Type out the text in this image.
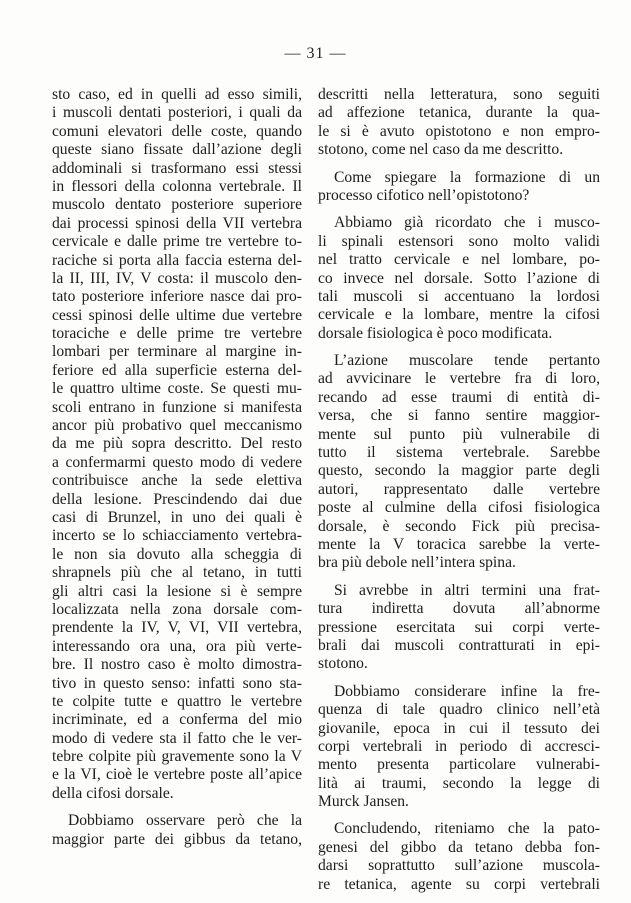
— 31 —
sto caso, ed in quelli ad esso simili,
i muscoli dentati posteriori, i quali da
comuni elevatori delle coste, quando
queste siano fissate dall’azione degli
addominali si trasformano essi stessi
in flessori della colonna vertebrale. Il
muscolo dentato posteriore superiore
dai processi spinosi della VII vertebra
cervicale e dalle prime tre vertebre to-
raciche si porta alla faccia esterna del-
la II, III, IV, V costa: il muscolo den-
tato posteriore inferiore nasce dai pro-
cessi spinosi delle ultime due vertebre
toraciche e delle prime tre vertebre
lombari per terminare al margine in-
feriore ed alla superficie esterna del-
le quattro ultime coste. Se questi mu-
scoli entrano in funzione si manifesta
ancor più probativo quel meccanismo
da me più sopra descritto. Del resto
a confermarmi questo modo di vedere
contribuisce anche la sede elettiva
della lesione. Prescindendo dai due
casi di Brunzel, in uno dei quali è
incerto se lo schiacciamento vertebra-
le non sia dovuto alla scheggia di
shrapnels più che al tetano, in tutti
gli altri casi la lesione si è sempre
localizzata nella zona dorsale com-
prendente la IV, V, VI, VII vertebra,
interessando ora una, ora più verte-
bre. Il nostro caso è molto dimostra-
tivo in questo senso: infatti sono sta-
te colpite tutte e quattro le vertebre
incriminate, ed a conferma del mio
modo di vedere sta il fatto che le ver-
tebre colpite più gravemente sono la V
e la VI, cioè le vertebre poste all’apice
della cifosi dorsale.
Dobbiamo osservare però che la
maggior parte dei gibbus da tetano,
descritti nella letteratura, sono seguiti
ad affezione tetanica, durante la qua-
le si è avuto opistotono e non empro-
stotono, come nel caso da me descritto.
Come spiegare la formazione di un
processo cifotico nell’opistotono?
Abbiamo già ricordato che i musco-
li spinali estensori sono molto validi
nel tratto cervicale e nel lombare, po-
co invece nel dorsale. Sotto l’azione di
tali muscoli si accentuano la lordosi
cervicale e la lombare, mentre la cifosi
dorsale fisiologica è poco modificata.
L’azione muscolare tende pertanto
ad avvicinare le vertebre fra di loro,
recando ad esse traumi di entità di-
versa, che si fanno sentire maggior-
mente sul punto più vulnerabile di
tutto il sistema vertebrale. Sarebbe
questo, secondo la maggior parte degli
autori, rappresentato dalle vertebre
poste al culmine della cifosi fisiologica
dorsale, è secondo Fick più precisa-
mente la V toracica sarebbe la verte-
bra più debole nell’intera spina.
Si avrebbe in altri termini una frat-
tura indiretta dovuta all’abnorme
pressione esercitata sui corpi verte-
brali dai muscoli contratturati in epi-
stotono.
Dobbiamo considerare infine la fre-
quenza di tale quadro clinico nell’età
giovanile, epoca in cui il tessuto dei
corpi vertebrali in periodo di accresci-
mento presenta particolare vulnerabi-
lità ai traumi, secondo la legge di
Murck Jansen.
Concludendo, riteniamo che la pato-
genesi del gibbo da tetano debba fon-
darsi soprattutto sull’azione muscola-
re tetanica, agente su corpi vertebrali
